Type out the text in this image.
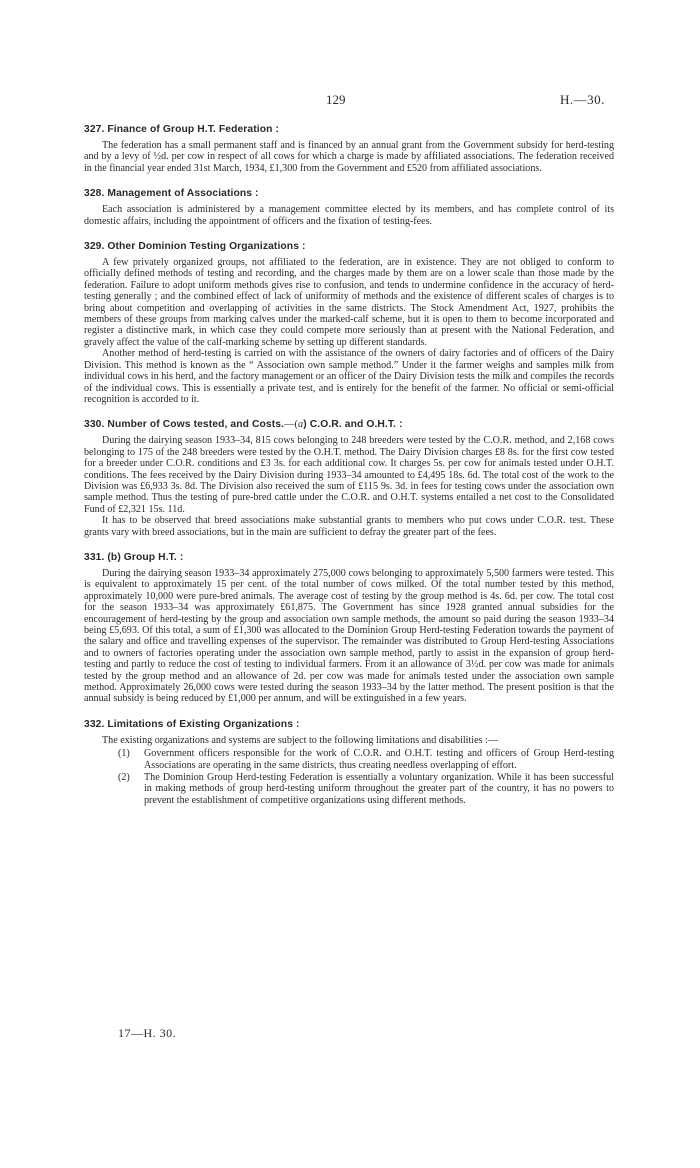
129	H.—30.
327. Finance of Group H.T. Federation :

The federation has a small permanent staff and is financed by an annual grant from the Government subsidy for herd-testing and by a levy of ½d. per cow in respect of all cows for which a charge is made by affiliated associations. The federation received in the financial year ended 31st March, 1934, £1,300 from the Government and £520 from affiliated associations.

328. Management of Associations :

Each association is administered by a management committee elected by its members, and has complete control of its domestic affairs, including the appointment of officers and the fixation of testing-fees.

329. Other Dominion Testing Organizations :

A few privately organized groups, not affiliated to the federation, are in existence. They are not obliged to conform to officially defined methods of testing and recording, and the charges made by them are on a lower scale than those made by the federation. Failure to adopt uniform methods gives rise to confusion, and tends to undermine confidence in the accuracy of herd-testing generally ; and the combined effect of lack of uniformity of methods and the existence of different scales of charges is to bring about competition and overlapping of activities in the same districts. The Stock Amendment Act, 1927, prohibits the members of these groups from marking calves under the marked-calf scheme, but it is open to them to become incorporated and register a distinctive mark, in which case they could compete more seriously than at present with the National Federation, and gravely affect the value of the calf-marking scheme by setting up different standards.

Another method of herd-testing is carried on with the assistance of the owners of dairy factories and of officers of the Dairy Division. This method is known as the “ Association own sample method.” Under it the farmer weighs and samples milk from individual cows in his herd, and the factory management or an officer of the Dairy Division tests the milk and compiles the records of the individual cows. This is essentially a private test, and is entirely for the benefit of the farmer. No official or semi-official recognition is accorded to it.

330. Number of Cows tested, and Costs.—(a) C.O.R. and O.H.T. :

During the dairying season 1933–34, 815 cows belonging to 248 breeders were tested by the C.O.R. method, and 2,168 cows belonging to 175 of the 248 breeders were tested by the O.H.T. method. The Dairy Division charges £8 8s. for the first cow tested for a breeder under C.O.R. conditions and £3 3s. for each additional cow. It charges 5s. per cow for animals tested under O.H.T. conditions. The fees received by the Dairy Division during 1933–34 amounted to £4,495 18s. 6d. The total cost of the work to the Division was £6,933 3s. 8d. The Division also received the sum of £115 9s. 3d. in fees for testing cows under the association own sample method. Thus the testing of pure-bred cattle under the C.O.R. and O.H.T. systems entailed a net cost to the Consolidated Fund of £2,321 15s. 11d.

It has to be observed that breed associations make substantial grants to members who put cows under C.O.R. test. These grants vary with breed associations, but in the main are sufficient to defray the greater part of the fees.

331. (b) Group H.T. :

During the dairying season 1933–34 approximately 275,000 cows belonging to approximately 5,500 farmers were tested. This is equivalent to approximately 15 per cent. of the total number of cows milked. Of the total number tested by this method, approximately 10,000 were pure-bred animals. The average cost of testing by the group method is 4s. 6d. per cow. The total cost for the season 1933–34 was approximately £61,875. The Government has since 1928 granted annual subsidies for the encouragement of herd-testing by the group and association own sample methods, the amount so paid during the season 1933–34 being £5,693. Of this total, a sum of £1,300 was allocated to the Dominion Group Herd-testing Federation towards the payment of the salary and office and travelling expenses of the supervisor. The remainder was distributed to Group Herd-testing Associations and to owners of factories operating under the association own sample method, partly to assist in the expansion of group herd-testing and partly to reduce the cost of testing to individual farmers. From it an allowance of 3½d. per cow was made for animals tested by the group method and an allowance of 2d. per cow was made for animals tested under the association own sample method. Approximately 26,000 cows were tested during the season 1933–34 by the latter method. The present position is that the annual subsidy is being reduced by £1,000 per annum, and will be extinguished in a few years.

332. Limitations of Existing Organizations :

The existing organizations and systems are subject to the following limitations and disabilities :—

(1) Government officers responsible for the work of C.O.R. and O.H.T. testing and officers of Group Herd-testing Associations are operating in the same districts, thus creating needless overlapping of effort.
(2) The Dominion Group Herd-testing Federation is essentially a voluntary organization. While it has been successful in making methods of group herd-testing uniform throughout the greater part of the country, it has no powers to prevent the establishment of competitive organizations using different methods.
17—H. 30.
